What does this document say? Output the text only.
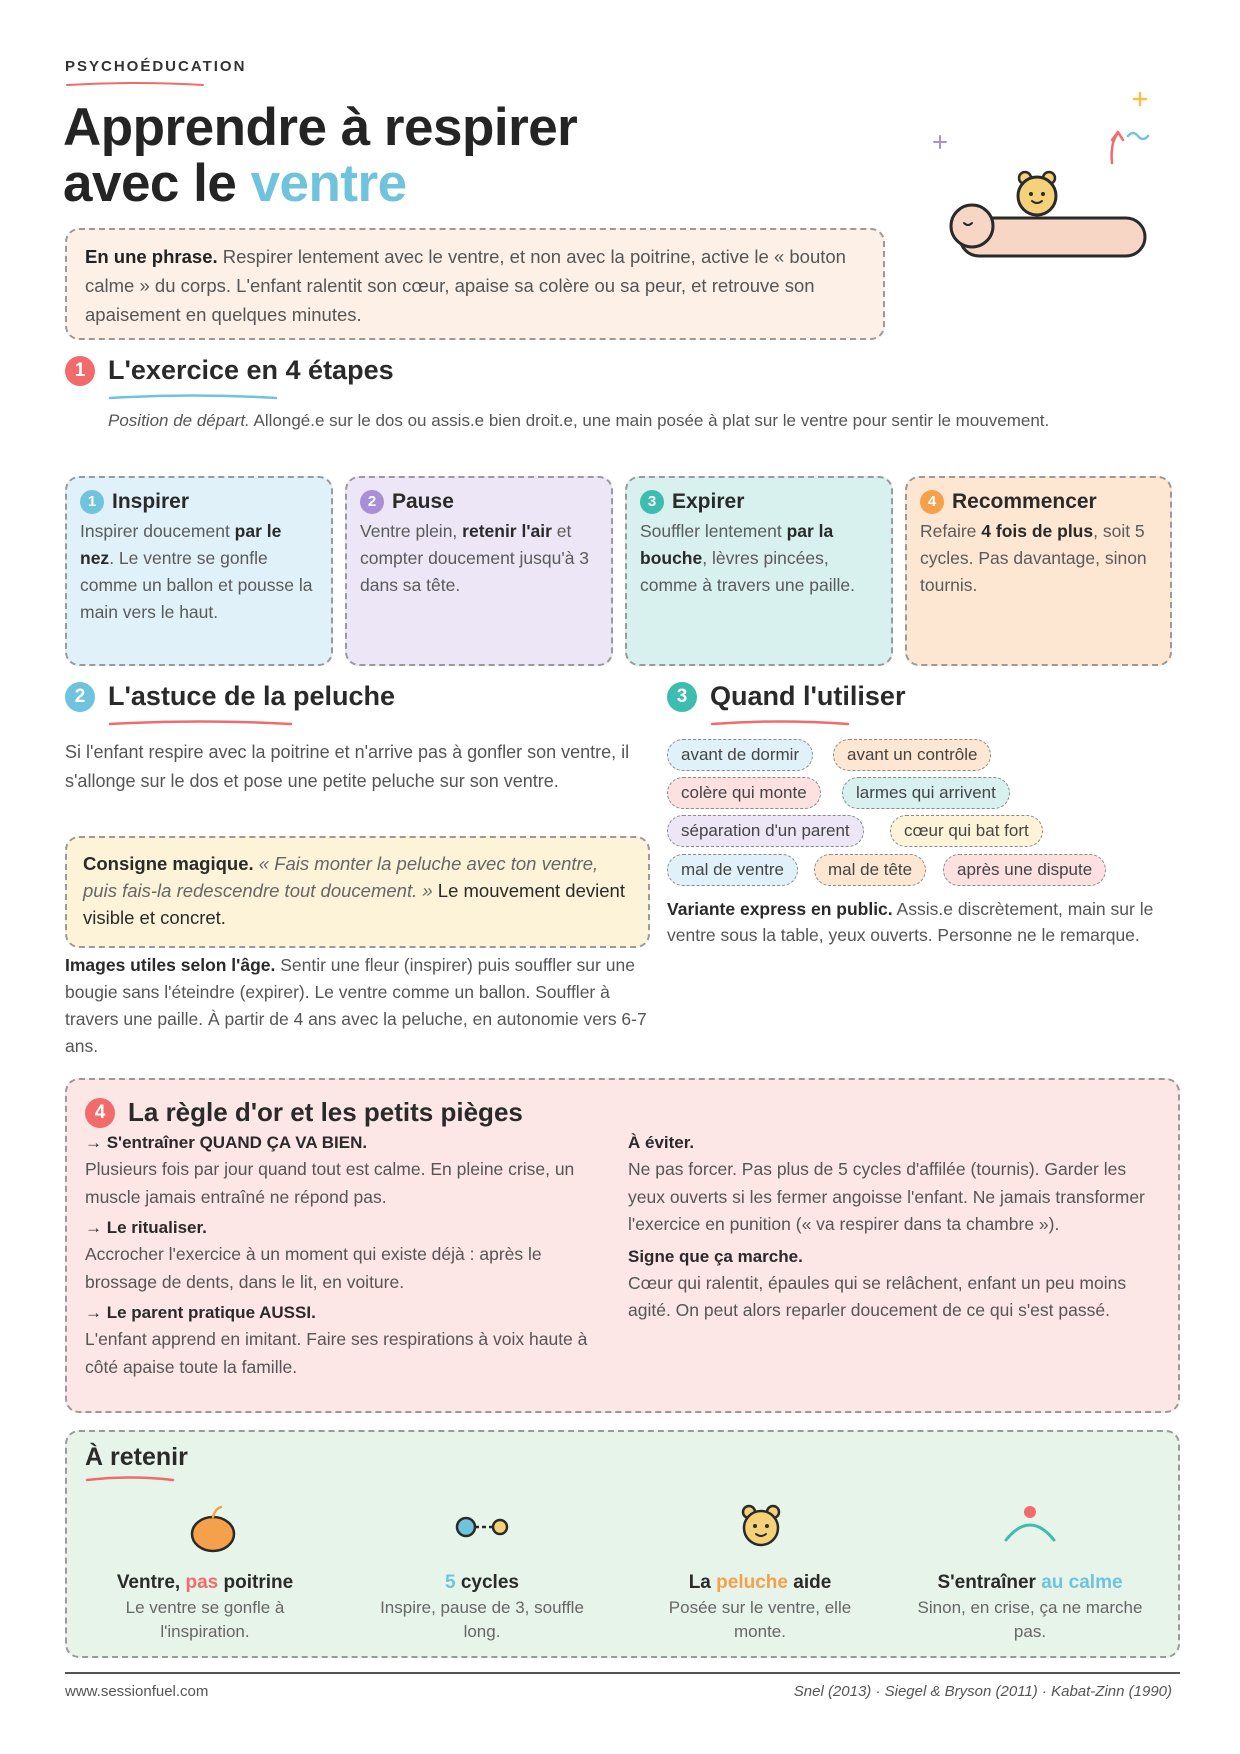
PSYCHOÉDUCATION
Apprendre à respirer
avec le ventre
En une phrase. Respirer lentement avec le ventre, et non avec la poitrine, active le « bouton calme » du corps. L'enfant ralentit son cœur, apaise sa colère ou sa peur, et retrouve son apaisement en quelques minutes.
1 L'exercice en 4 étapes
Position de départ. Allongé.e sur le dos ou assis.e bien droit.e, une main posée à plat sur le ventre pour sentir le mouvement.
1 Inspirer
Inspirer doucement par le nez. Le ventre se gonfle comme un ballon et pousse la main vers le haut.
2 Pause
Ventre plein, retenir l'air et compter doucement jusqu'à 3 dans sa tête.
3 Expirer
Souffler lentement par la bouche, lèvres pincées, comme à travers une paille.
4 Recommencer
Refaire 4 fois de plus, soit 5 cycles. Pas davantage, sinon tournis.
2 L'astuce de la peluche
Si l'enfant respire avec la poitrine et n'arrive pas à gonfler son ventre, il s'allonge sur le dos et pose une petite peluche sur son ventre.
Consigne magique. « Fais monter la peluche avec ton ventre, puis fais-la redescendre tout doucement. » Le mouvement devient visible et concret.
Images utiles selon l'âge. Sentir une fleur (inspirer) puis souffler sur une bougie sans l'éteindre (expirer). Le ventre comme un ballon. Souffler à travers une paille. À partir de 4 ans avec la peluche, en autonomie vers 6-7 ans.
3 Quand l'utiliser
avant de dormir	avant un contrôle
colère qui monte	larmes qui arrivent
séparation d'un parent	cœur qui bat fort
mal de ventre	mal de tête	après une dispute
Variante express en public. Assis.e discrètement, main sur le ventre sous la table, yeux ouverts. Personne ne le remarque.
4 La règle d'or et les petits pièges
→ S'entraîner QUAND ÇA VA BIEN.
Plusieurs fois par jour quand tout est calme. En pleine crise, un muscle jamais entraîné ne répond pas.
→ Le ritualiser.
Accrocher l'exercice à un moment qui existe déjà : après le brossage de dents, dans le lit, en voiture.
→ Le parent pratique AUSSI.
L'enfant apprend en imitant. Faire ses respirations à voix haute à côté apaise toute la famille.
À éviter.
Ne pas forcer. Pas plus de 5 cycles d'affilée (tournis). Garder les yeux ouverts si les fermer angoisse l'enfant. Ne jamais transformer l'exercice en punition (« va respirer dans ta chambre »).
Signe que ça marche.
Cœur qui ralentit, épaules qui se relâchent, enfant un peu moins agité. On peut alors reparler doucement de ce qui s'est passé.
À retenir
Ventre, pas poitrine
Le ventre se gonfle à l'inspiration.
5 cycles
Inspire, pause de 3, souffle long.
La peluche aide
Posée sur le ventre, elle monte.
S'entraîner au calme
Sinon, en crise, ça ne marche pas.
www.sessionfuel.com	Snel (2013) · Siegel & Bryson (2011) · Kabat-Zinn (1990)
